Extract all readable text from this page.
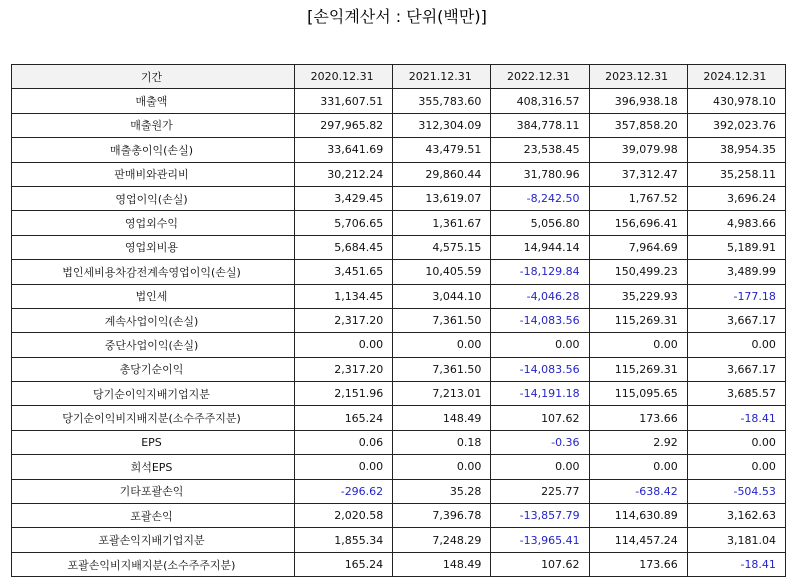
[손익계산서 : 단위(백만)]
기간	2020.12.31	2021.12.31	2022.12.31	2023.12.31	2024.12.31
매출액	331,607.51	355,783.60	408,316.57	396,938.18	430,978.10
매출원가	297,965.82	312,304.09	384,778.11	357,858.20	392,023.76
매출총이익(손실)	33,641.69	43,479.51	23,538.45	39,079.98	38,954.35
판매비와관리비	30,212.24	29,860.44	31,780.96	37,312.47	35,258.11
영업이익(손실)	3,429.45	13,619.07	-8,242.50	1,767.52	3,696.24
영업외수익	5,706.65	1,361.67	5,056.80	156,696.41	4,983.66
영업외비용	5,684.45	4,575.15	14,944.14	7,964.69	5,189.91
법인세비용차감전계속영업이익(손실)	3,451.65	10,405.59	-18,129.84	150,499.23	3,489.99
법인세	1,134.45	3,044.10	-4,046.28	35,229.93	-177.18
계속사업이익(손실)	2,317.20	7,361.50	-14,083.56	115,269.31	3,667.17
중단사업이익(손실)	0.00	0.00	0.00	0.00	0.00
총당기순이익	2,317.20	7,361.50	-14,083.56	115,269.31	3,667.17
당기순이익지배기업지분	2,151.96	7,213.01	-14,191.18	115,095.65	3,685.57
당기순이익비지배지분(소수주주지분)	165.24	148.49	107.62	173.66	-18.41
EPS	0.06	0.18	-0.36	2.92	0.00
희석EPS	0.00	0.00	0.00	0.00	0.00
기타포괄손익	-296.62	35.28	225.77	-638.42	-504.53
포괄손익	2,020.58	7,396.78	-13,857.79	114,630.89	3,162.63
포괄손익지배기업지분	1,855.34	7,248.29	-13,965.41	114,457.24	3,181.04
포괄손익비지배지분(소수주주지분)	165.24	148.49	107.62	173.66	-18.41
